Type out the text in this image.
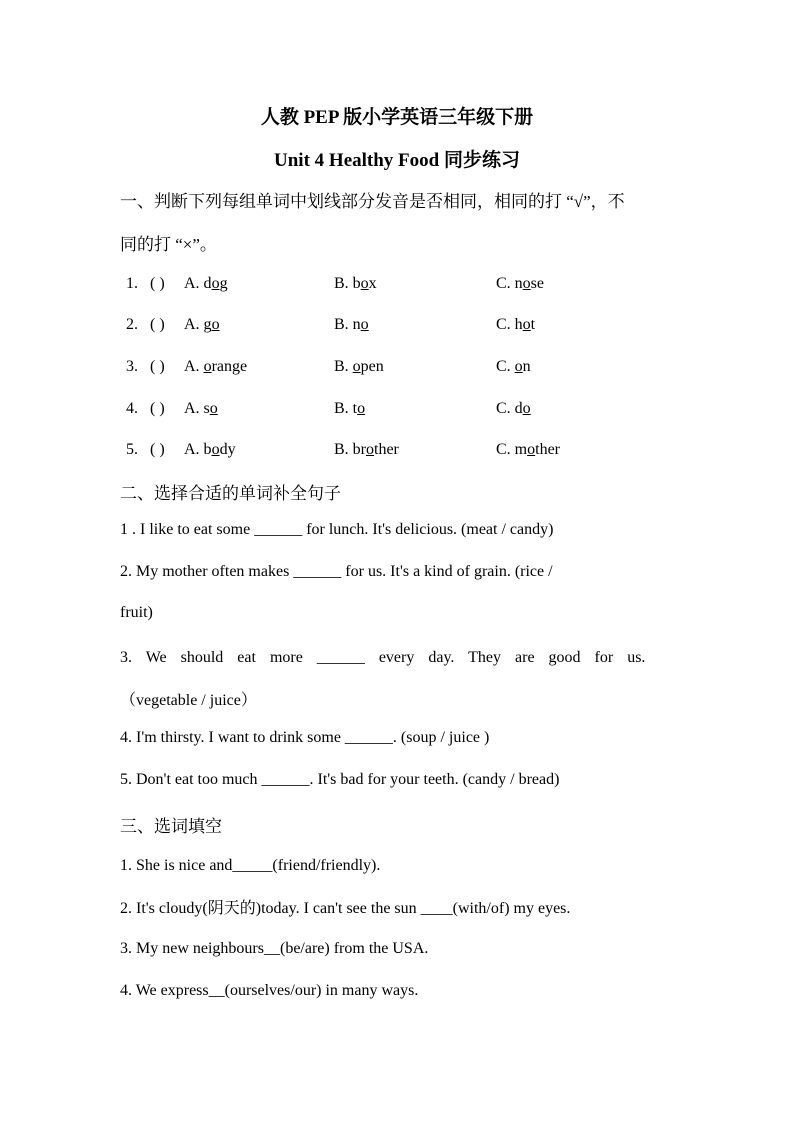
人教 PEP 版小学英语三年级下册
Unit 4 Healthy Food 同步练习
一、判断下列每组单词中划线部分发音是否相同，相同的打 “√”，不
同的打 “×”。
1. ( ) A. dog	B. box	C. nose
2. ( ) A. go	B. no	C. hot
3. ( ) A. orange	B. open	C. on
4. ( ) A. so	B. to	C. do
5. ( ) A. body	B. brother	C. mother
二、选择合适的单词补全句子
1 . I like to eat some ______ for lunch. It's delicious. (meat / candy)
2. My mother often makes ______ for us. It's a kind of grain. (rice /
fruit)
3. We should eat more ______ every day. They are good for us.
（vegetable / juice）
4. I'm thirsty. I want to drink some ______. (soup / juice )
5. Don't eat too much ______. It's bad for your teeth. (candy / bread)
三、选词填空
1. She is nice and_____(friend/friendly).
2. It's cloudy(阴天的)today. I can't see the sun ____(with/of) my eyes.
3. My new neighbours__(be/are) from the USA.
4. We express__(ourselves/our) in many ways.
